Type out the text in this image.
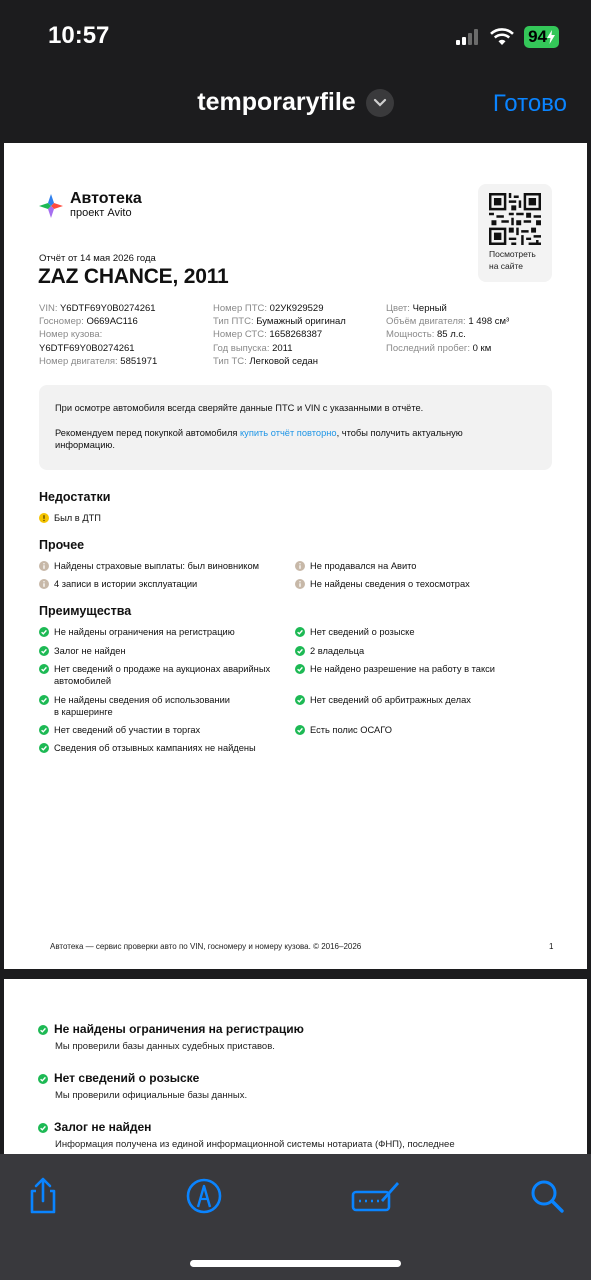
10:57	94
temporaryfile	Готово
Автотека
проект Avito
Посмотреть
на сайте
Отчёт от 14 мая 2026 года
ZAZ CHANCE, 2011
VIN: Y6DTF69Y0B0274261
Госномер: О669АС116
Номер кузова:
Y6DTF69Y0B0274261
Номер двигателя: 5851971
Номер ПТС: 02УК929529
Тип ПТС: Бумажный оригинал
Номер СТС: 1658268387
Год выпуска: 2011
Тип ТС: Легковой седан
Цвет: Черный
Объём двигателя: 1 498 см³
Мощность: 85 л.с.
Последний пробег: 0 км
При осмотре автомобиля всегда сверяйте данные ПТС и VIN с указанными в отчёте.
Рекомендуем перед покупкой автомобиля купить отчёт повторно, чтобы получить актуальную
информацию.
Недостатки
Был в ДТП
Прочее
Найдены страховые выплаты: был виновником
4 записи в истории эксплуатации
Не продавался на Авито
Не найдены сведения о техосмотрах
Преимущества
Не найдены ограничения на регистрацию
Залог не найден
Нет сведений о продаже на аукционах аварийных
автомобилей
Не найдены сведения об использовании
в каршеринге
Нет сведений об участии в торгах
Сведения об отзывных кампаниях не найдены
Нет сведений о розыске
2 владельца
Не найдено разрешение на работу в такси
Нет сведений об арбитражных делах
Есть полис ОСАГО
Автотека — сервис проверки авто по VIN, госномеру и номеру кузова. © 2016–2026	1
Не найдены ограничения на регистрацию
Мы проверили базы данных судебных приставов.
Нет сведений о розыске
Мы проверили официальные базы данных.
Залог не найден
Информация получена из единой информационной системы нотариата (ФНП), последнее
